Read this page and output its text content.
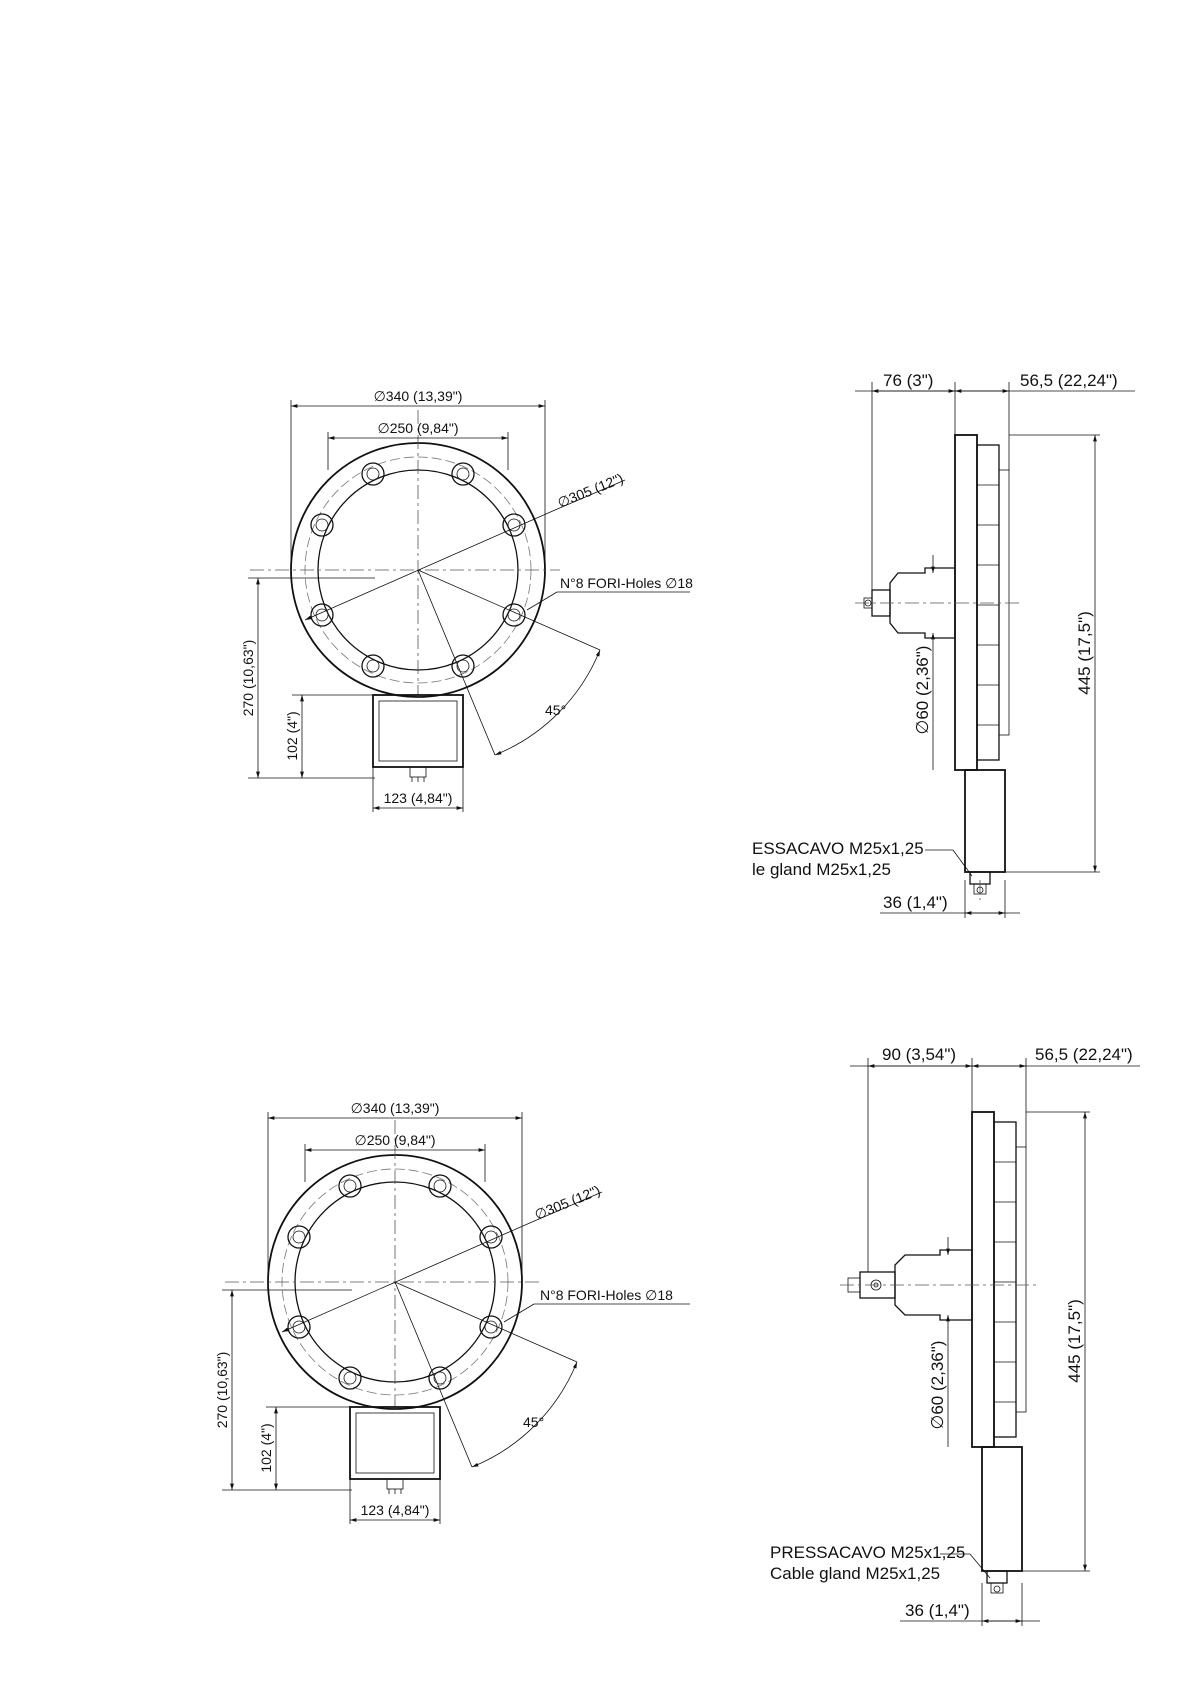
∅340 (13,39")
∅250 (9,84")
∅305 (12")
N°8 FORI-Holes ∅18
45°
270 (10,63")
102 (4")
123 (4,84")
76 (3")	56,5 (22,24")
445 (17,5")
∅60 (2,36")
ESSACAVO M25x1,25
le gland M25x1,25
36 (1,4")
∅340 (13,39")
∅250 (9,84")
∅305 (12")
N°8 FORI-Holes ∅18
45°
270 (10,63")
102 (4")
123 (4,84")
90 (3,54")	56,5 (22,24")
445 (17,5")
∅60 (2,36")
PRESSACAVO M25x1,25
Cable gland M25x1,25
36 (1,4")
